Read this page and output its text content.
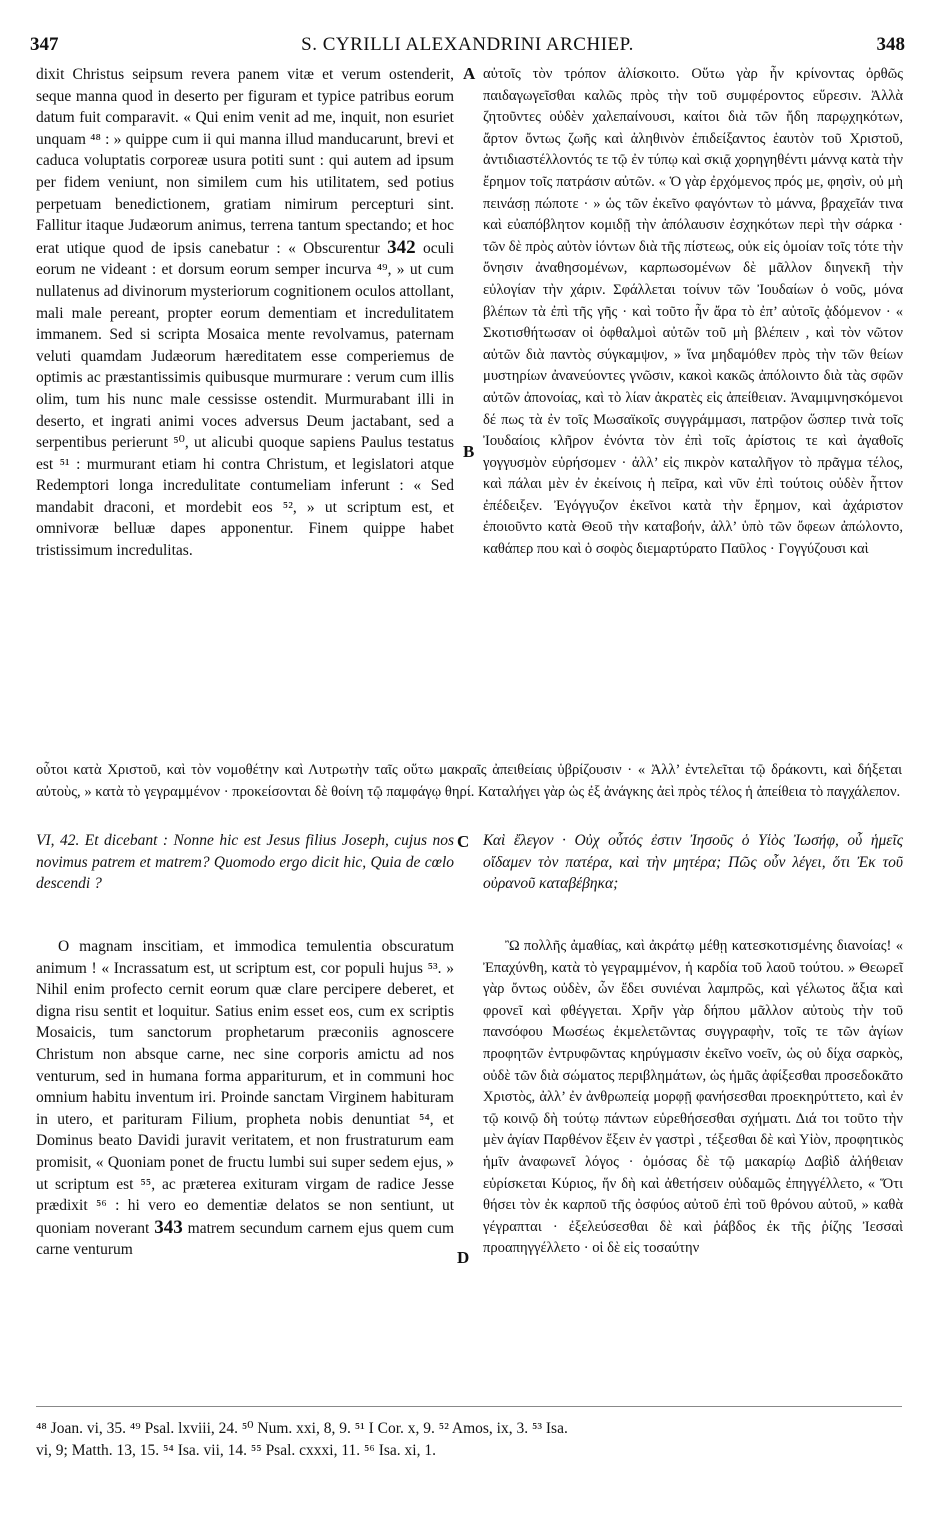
347	S. CYRILLI ALEXANDRINI ARCHIEP.	348

dixit Christus seipsum revera panem vitæ et verum ostenderit, seque manna quod in deserto per figuram et typice patribus eorum datum fuit comparavit. « Qui enim venit ad me, inquit, non esuriet unquam ⁴⁸ : » quippe cum ii qui manna illud manducarunt, brevi et caduca voluptatis corporeæ usura potiti sunt : qui autem ad ipsum per fidem veniunt, non similem cum his utilitatem, sed potius perpetuam benedictionem, gratiam nimirum percepturi sint. Fallitur itaque Judæorum animus, terrena tantum spectando; et hoc erat utique quod de ipsis canebatur : « Obscurentur 342 oculi eorum ne videant : et dorsum eorum semper incurva ⁴⁹, » ut cum nullatenus ad divinorum mysteriorum cognitionem oculos attollant, mali male pereant, propter eorum dementiam et incredulitatem immanem. Sed si scripta Mosaica mente revolvamus, paternam veluti quamdam Judæorum hæreditatem esse comperiemus de optimis ac præstantissimis quibusque murmurare : verum cum illis olim, tum his nunc male cessisse ostendit. Murmurabant illi in deserto, et ingrati animi voces adversus Deum jactabant, sed a serpentibus perierunt ⁵⁰, ut alicubi quoque sapiens Paulus testatus est ⁵¹ : murmurant etiam hi contra Christum, et legislatori atque Redemptori longa incredulitate contumeliam inferunt : « Sed mandabit draconi, et mordebit eos ⁵², » ut scriptum est, et omnivoræ belluæ dapes apponentur. Finem quippe habet tristissimum incredulitas.

αὐτοῖς τὸν τρόπον ἁλίσκοιτο. Οὕτω γὰρ ἦν κρίνοντας ὀρθῶς παιδαγωγεῖσθαι καλῶς πρὸς τὴν τοῦ συμφέροντος εὕρεσιν. Ἀλλὰ ζητοῦντες οὐδὲν χαλεπαίνουσι, καίτοι διὰ τῶν ἤδη παρῳχηκότων, ἄρτον ὄντως ζωῆς καὶ ἀληθινὸν ἐπιδείξαντος ἑαυτὸν τοῦ Χριστοῦ, ἀντιδιαστέλλοντός τε τῷ ἐν τύπῳ καὶ σκιᾷ χορηγηθέντι μάννᾳ κατὰ τὴν ἔρημον τοῖς πατράσιν αὐτῶν. « Ὁ γὰρ ἐρχόμενος πρός με, φησὶν, οὐ μὴ πεινάσῃ πώποτε · » ὡς τῶν ἐκεῖνο φαγόντων τὸ μάννα, βραχεῖάν τινα καὶ εὐαπόβλητον κομιδῇ τὴν ἀπόλαυσιν ἐσχηκότων περὶ τὴν σάρκα · τῶν δὲ πρὸς αὐτὸν ἰόντων διὰ τῆς πίστεως, οὐκ εἰς ὁμοίαν τοῖς τότε τὴν ὄνησιν ἀναθησομένων, καρπωσομένων δὲ μᾶλλον διηνεκῆ τὴν εὐλογίαν τὴν χάριν. Σφάλλεται τοίνυν τῶν Ἰουδαίων ὁ νοῦς, μόνα βλέπων τὰ ἐπὶ τῆς γῆς · καὶ τοῦτο ἦν ἄρα τὸ ἐπ’ αὐτοῖς ᾀδόμενον · « Σκοτισθήτωσαν οἱ ὀφθαλμοὶ αὐτῶν τοῦ μὴ βλέπειν , καὶ τὸν νῶτον αὐτῶν διὰ παντὸς σύγκαμψον, » ἵνα μηδαμόθεν πρὸς τὴν τῶν θείων μυστηρίων ἀνανεύοντες γνῶσιν, κακοὶ κακῶς ἀπόλοιντο διὰ τὰς σφῶν αὐτῶν ἀπονοίας, καὶ τὸ λίαν ἀκρατὲς εἰς ἀπείθειαν. Ἀναμιμνησκόμενοι δέ πως τὰ ἐν τοῖς Μωσαϊκοῖς συγγράμμασι, πατρῷον ὥσπερ τινὰ τοῖς Ἰουδαίοις κλῆρον ἐνόντα τὸν ἐπὶ τοῖς ἀρίστοις τε καὶ ἀγαθοῖς γογγυσμὸν εὑρήσομεν · ἀλλ’ εἰς πικρὸν καταλῆγον τὸ πρᾶγμα τέλος, καὶ πάλαι μὲν ἐν ἐκείνοις ἡ πεῖρα, καὶ νῦν ἐπὶ τούτοις οὐδὲν ἧττον ἐπέδειξεν. Ἐγόγγυζον ἐκεῖνοι κατὰ τὴν ἔρημον, καὶ ἀχάριστον ἐποιοῦντο κατὰ Θεοῦ τὴν καταβοήν, ἀλλ’ ὑπὸ τῶν ὄφεων ἀπώλοντο, καθάπερ που καὶ ὁ σοφὸς διεμαρτύρατο Παῦλος · Γογγύζουσι καὶ

A
B
C
D

οὗτοι κατὰ Χριστοῦ, καὶ τὸν νομοθέτην καὶ Λυτρωτὴν ταῖς οὕτω μακραῖς ἀπειθείαις ὑβρίζουσιν · « Ἀλλ’ ἐντελεῖται τῷ δράκοντι, καὶ δήξεται αὐτοὺς, » κατὰ τὸ γεγραμμένον · προκείσονται δὲ θοίνη τῷ παμφάγῳ θηρί. Καταλήγει γὰρ ὡς ἐξ ἀνάγκης ἀεὶ πρὸς τέλος ἡ ἀπείθεια τὸ παγχάλεπον.

VI, 42. Et dicebant : Nonne hic est Jesus filius Joseph, cujus nos novimus patrem et matrem? Quomodo ergo dicit hic, Quia de cœlo descendi ?

Καὶ ἔλεγον · Οὐχ οὗτός ἐστιν Ἰησοῦς ὁ Υἱὸς Ἰωσήφ, οὗ ἡμεῖς οἴδαμεν τὸν πατέρα, καὶ τὴν μητέρα; Πῶς οὖν λέγει, ὅτι Ἐκ τοῦ οὐρανοῦ καταβέβηκα;

O magnam inscitiam, et immodica temulentia obscuratum animum ! « Incrassatum est, ut scriptum est, cor populi hujus ⁵³. » Nihil enim profecto cernit eorum quæ clare percipere deberet, et digna risu sentit et loquitur. Satius enim esset eos, cum ex scriptis Mosaicis, tum sanctorum prophetarum præconiis agnoscere Christum non absque carne, nec sine corporis amictu ad nos venturum, sed in humana forma appariturum, et in communi hoc omnium habitu inventum iri. Proinde sanctam Virginem habituram in utero, et parituram Filium, propheta nobis denuntiat ⁵⁴, et Dominus beato Davidi juravit veritatem, et non frustraturum eam promisit, « Quoniam ponet de fructu lumbi sui super sedem ejus, » ut scriptum est ⁵⁵, ac præterea exituram virgam de radice Jesse prædixit ⁵⁶ : hi vero eo dementiæ delatos se non sentiunt, ut quoniam noverant 343 matrem secundum carnem ejus quem cum carne venturum

Ὢ πολλῆς ἀμαθίας, καὶ ἀκράτῳ μέθῃ κατεσκοτισμένης διανοίας! « Ἐπαχύνθη, κατὰ τὸ γεγραμμένον, ἡ καρδία τοῦ λαοῦ τούτου. » Θεωρεῖ γὰρ ὄντως οὐδὲν, ὧν ἔδει συνιέναι λαμπρῶς, καὶ γέλωτος ἄξια καὶ φρονεῖ καὶ φθέγγεται. Χρῆν γὰρ δήπου μᾶλλον αὐτοὺς τὴν τοῦ πανσόφου Μωσέως ἐκμελετῶντας συγγραφὴν, τοῖς τε τῶν ἁγίων προφητῶν ἐντρυφῶντας κηρύγμασιν ἐκεῖνο νοεῖν, ὡς οὐ δίχα σαρκὸς, οὐδὲ τῶν διὰ σώματος περιβλημάτων, ὡς ἡμᾶς ἀφίξεσθαι προσεδοκᾶτο Χριστὸς, ἀλλ’ ἐν ἀνθρωπείᾳ μορφῇ φανήσεσθαι προεκηρύττετο, καὶ ἐν τῷ κοινῷ δὴ τούτῳ πάντων εὑρεθήσεσθαι σχήματι. Διά τοι τοῦτο τὴν μὲν ἁγίαν Παρθένον ἕξειν ἐν γαστρὶ , τέξεσθαι δὲ καὶ Υἱὸν, προφητικὸς ἡμῖν ἀναφωνεῖ λόγος · ὀμόσας δὲ τῷ μακαρίῳ Δαβὶδ ἀλήθειαν εὑρίσκεται Κύριος, ἥν δὴ καὶ ἀθετήσειν οὐδαμῶς ἐπηγγέλλετο, « Ὅτι θήσει τὸν ἐκ καρποῦ τῆς ὀσφύος αὐτοῦ ἐπὶ τοῦ θρόνου αὐτοῦ, » καθὰ γέγραπται · ἐξελεύσεσθαι δὲ καὶ ῥάβδος ἐκ τῆς ῥίζης Ἰεσσαὶ προαπηγγέλλετο · οἱ δὲ εἰς τοσαύτην

⁴⁸ Joan. vi, 35. ⁴⁹ Psal. lxviii, 24. ⁵⁰ Num. xxi, 8, 9. ⁵¹ I Cor. x, 9. ⁵² Amos, ix, 3. ⁵³ Isa.
vi, 9; Matth. 13, 15. ⁵⁴ Isa. vii, 14. ⁵⁵ Psal. cxxxi, 11. ⁵⁶ Isa. xi, 1.
